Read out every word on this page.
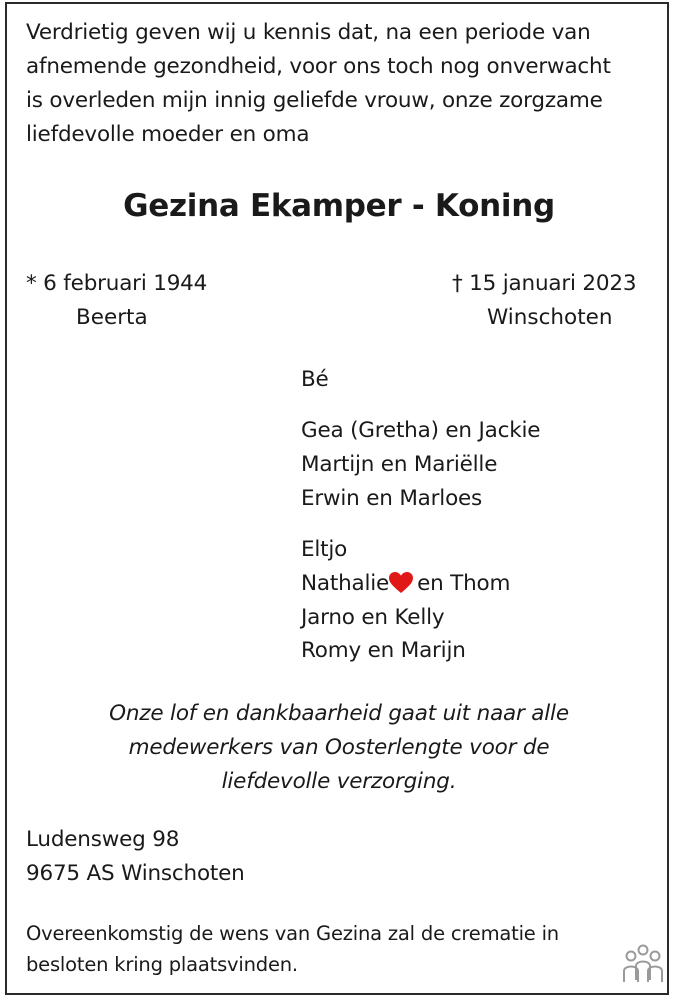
Verdrietig geven wij u kennis dat, na een periode van
afnemende gezondheid, voor ons toch nog onverwacht
is overleden mijn innig geliefde vrouw, onze zorgzame
liefdevolle moeder en oma
Gezina Ekamper - Koning
* 6 februari 1944	† 15 januari 2023
Beerta	Winschoten
Bé
Gea (Gretha) en Jackie
Martijn en Mariëlle
Erwin en Marloes
Eltjo
Nathalie en Thom
Jarno en Kelly
Romy en Marijn
Onze lof en dankbaarheid gaat uit naar alle
medewerkers van Oosterlengte voor de
liefdevolle verzorging.
Ludensweg 98
9675 AS Winschoten
Overeenkomstig de wens van Gezina zal de crematie in
besloten kring plaatsvinden.
